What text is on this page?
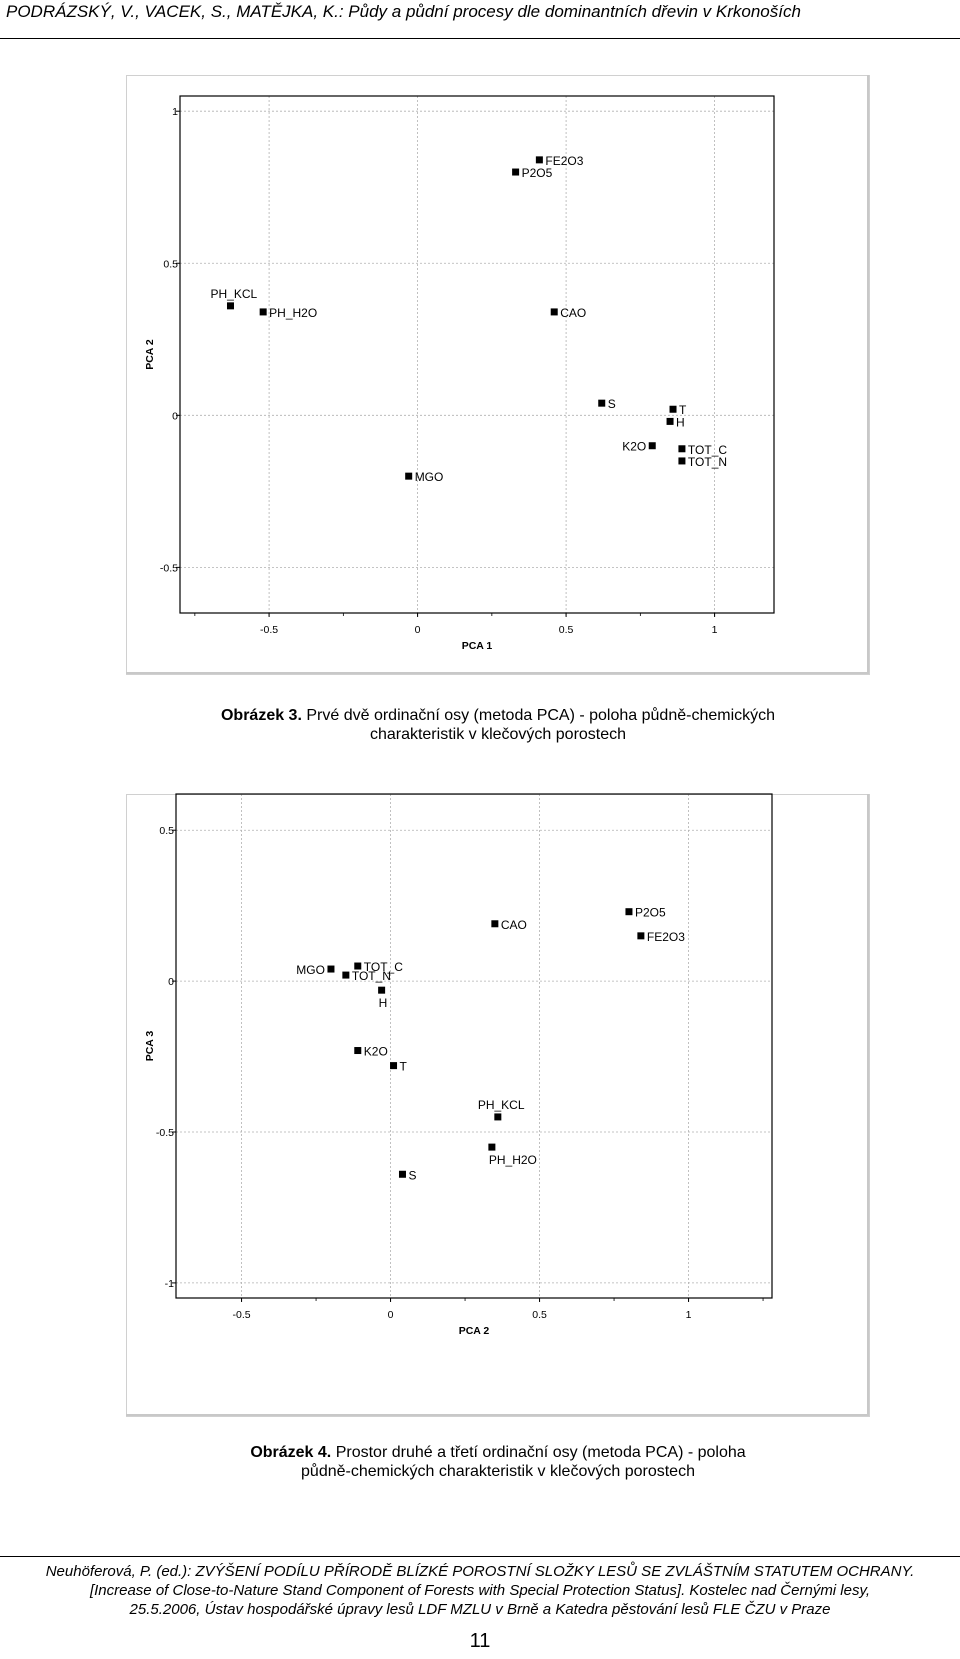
PODRÁZSKÝ, V., VACEK, S., MATĚJKA, K.: Půdy a půdní procesy dle dominantních dřevin v Krkonoších
-0.5	0	0.5	1
-0.5
0
0.5
1
PCA 1
PCA 2
FE2O3
P2O5
PH_KCL
PH_H2O	CAO
S	T
H
K2O	TOT_C
TOT_N
MGO
Obrázek 3. Prvé dvě ordinační osy (metoda PCA) - poloha půdně-chemických
charakteristik v klečových porostech
-0.5	0	0.5	1
-1
-0.5
0
0.5
PCA 2
PCA 3
P2O5
FE2O3
CAO
MGO	TOT_C
TOT_N
H
K2O
T
PH_KCL
PH_H2O
S
Obrázek 4. Prostor druhé a třetí ordinační osy (metoda PCA) - poloha
půdně-chemických charakteristik v klečových porostech
Neuhöferová, P. (ed.): ZVÝŠENÍ PODÍLU PŘÍRODĚ BLÍZKÉ POROSTNÍ SLOŽKY LESŮ SE ZVLÁŠTNÍM STATUTEM OCHRANY.
[Increase of Close-to-Nature Stand Component of Forests with Special Protection Status]. Kostelec nad Černými lesy,
25.5.2006, Ústav hospodářské úpravy lesů LDF MZLU v Brně a Katedra pěstování lesů FLE ČZU v Praze
11
